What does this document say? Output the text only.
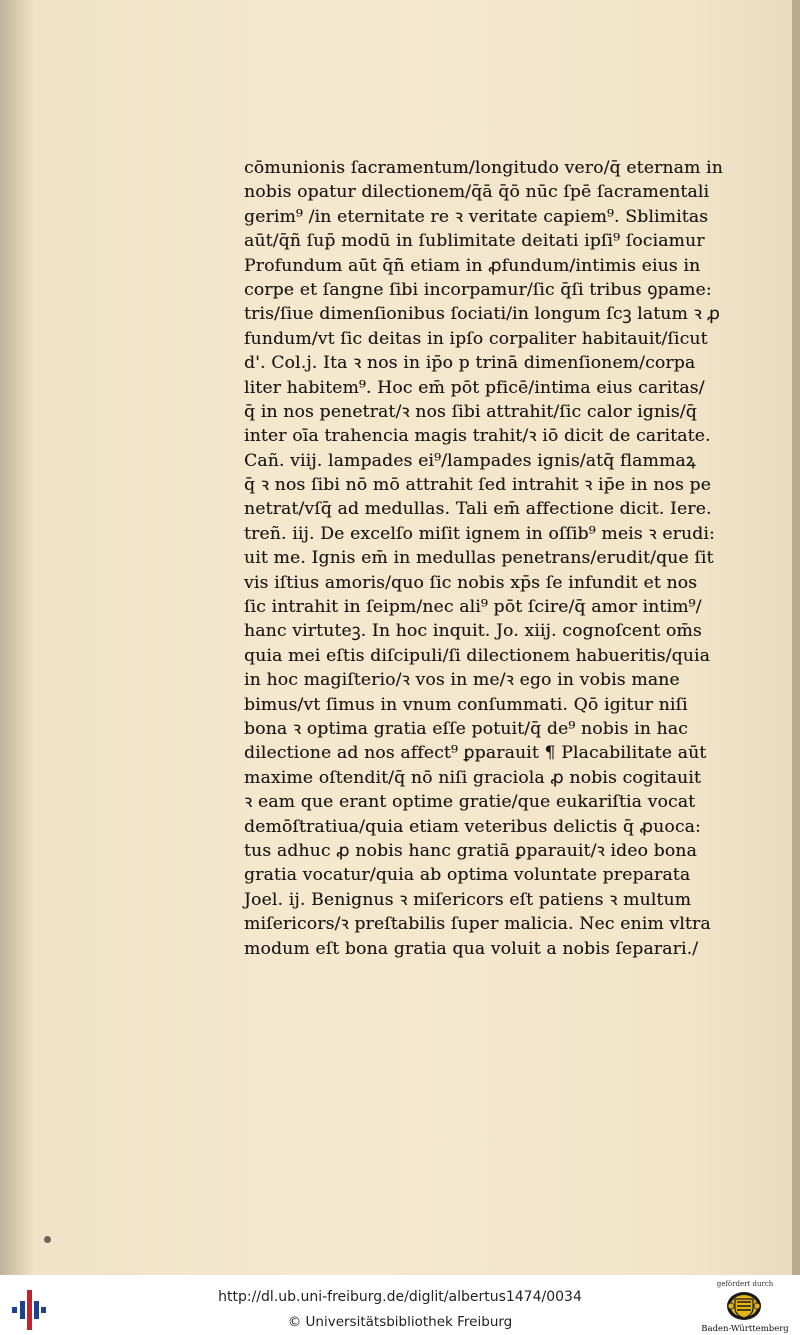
cōmunionis ſacramentum/longitudo vero/q̄ eternam in
nobis opatur dilectionem/q̄ā q̄ō nūc ſpē ſacramentali
gerim⁹ /in eternitate re ꝛ veritate capiem⁹. Sblimitas
aūt/q̄ñ ſup̄ modū in ſublimitate deitati ipſi⁹ ſociamur
Profundum aūt q̄ñ etiam in ꝓfundum/intimis eius in
corpe et ſangne ſibi incorpamur/ſic q̄ſi tribus ꝯpame:
tris/ſiue dimenſionibus ſociati/in longum ſcꝫ latum ꝛ ꝓ
fundum/vt ſic deitas in ipſo corpaliter habitauit/ſicut
d'. Col.j. Ita ꝛ nos in ip̄o p trinā dimenſionem/corpa
liter habitem⁹. Hoc em̄ pōt pficē/intima eius caritas/
q̄ in nos penetrat/ꝛ nos ſibi attrahit/ſic calor ignis/q̄
inter oīa trahencia magis trahit/ꝛ iō dicit de caritate.
Cañ. viij. lampades ei⁹/lampades ignis/atq̄ flammaꝝ
q̄ ꝛ nos ſibi nō mō attrahit ſed intrahit ꝛ ip̄e in nos pe
netrat/vſq̄ ad medullas. Tali em̄ affectione dicit. Iere.
treñ. iij. De excelſo miſit ignem in oſſib⁹ meis ꝛ erudi:
uit me. Ignis em̄ in medullas penetrans/erudit/que ſit
vis iſtius amoris/quo ſic nobis xp̄s ſe infundit et nos
ſic intrahit in ſeipm/nec ali⁹ pōt ſcire/q̄ amor intim⁹/
hanc virtuteꝫ. In hoc inquit. Jo. xiij. cognoſcent om̄s
quia mei eſtis diſcipuli/ſi dilectionem habueritis/quia
in hoc magiſterio/ꝛ vos in me/ꝛ ego in vobis mane
bimus/vt ſimus in vnum conſummati. Qō igitur niſi
bona ꝛ optima gratia eſſe potuit/q̄ de⁹ nobis in hac
dilectione ad nos affect⁹ ꝑparauit ¶ Placabilitate aūt
maxime oſtendit/q̄ nō niſi graciola ꝓ nobis cogitauit
ꝛ eam que erant optime gratie/que eukariſtia vocat
demōſtratiua/quia etiam veteribus delictis q̄ ꝓuoca:
tus adhuc ꝓ nobis hanc gratiā ꝑparauit/ꝛ ideo bona
gratia vocatur/quia ab optima voluntate preparata
Joel. ij. Benignus ꝛ miſericors eſt patiens ꝛ multum
miſericors/ꝛ preſtabilis ſuper malicia. Nec enim vltra
modum eſt bona gratia qua voluit a nobis ſeparari./
http://dl.ub.uni-freiburg.de/diglit/albertus1474/0034
© Universitätsbibliothek Freiburg
gefördert durch
Baden-Württemberg
